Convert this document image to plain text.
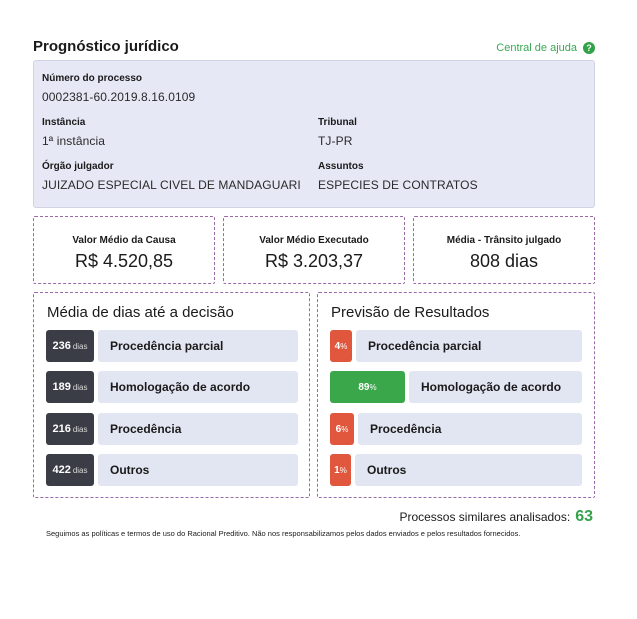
Prognóstico jurídico	Central de ajuda	?
Número do processo
0002381-60.2019.8.16.0109
Instância
1ª instância
Tribunal
TJ-PR
Órgão julgador
JUIZADO ESPECIAL CIVEL DE MANDAGUARI
Assuntos
ESPECIES DE CONTRATOS
Valor Médio da Causa
R$ 4.520,85
Valor Médio Executado
R$ 3.203,37
Média - Trânsito julgado
808 dias
Média de dias até a decisão
236 dias	Procedência parcial
189 dias	Homologação de acordo
216 dias	Procedência
422 dias	Outros
Previsão de Resultados
4 %	Procedência parcial
89 %	Homologação de acordo
6 %	Procedência
1 %	Outros
Processos similares analisados: 63
Seguimos as políticas e termos de uso do Racional Preditivo. Não nos responsabilizamos pelos dados enviados e pelos resultados fornecidos.
